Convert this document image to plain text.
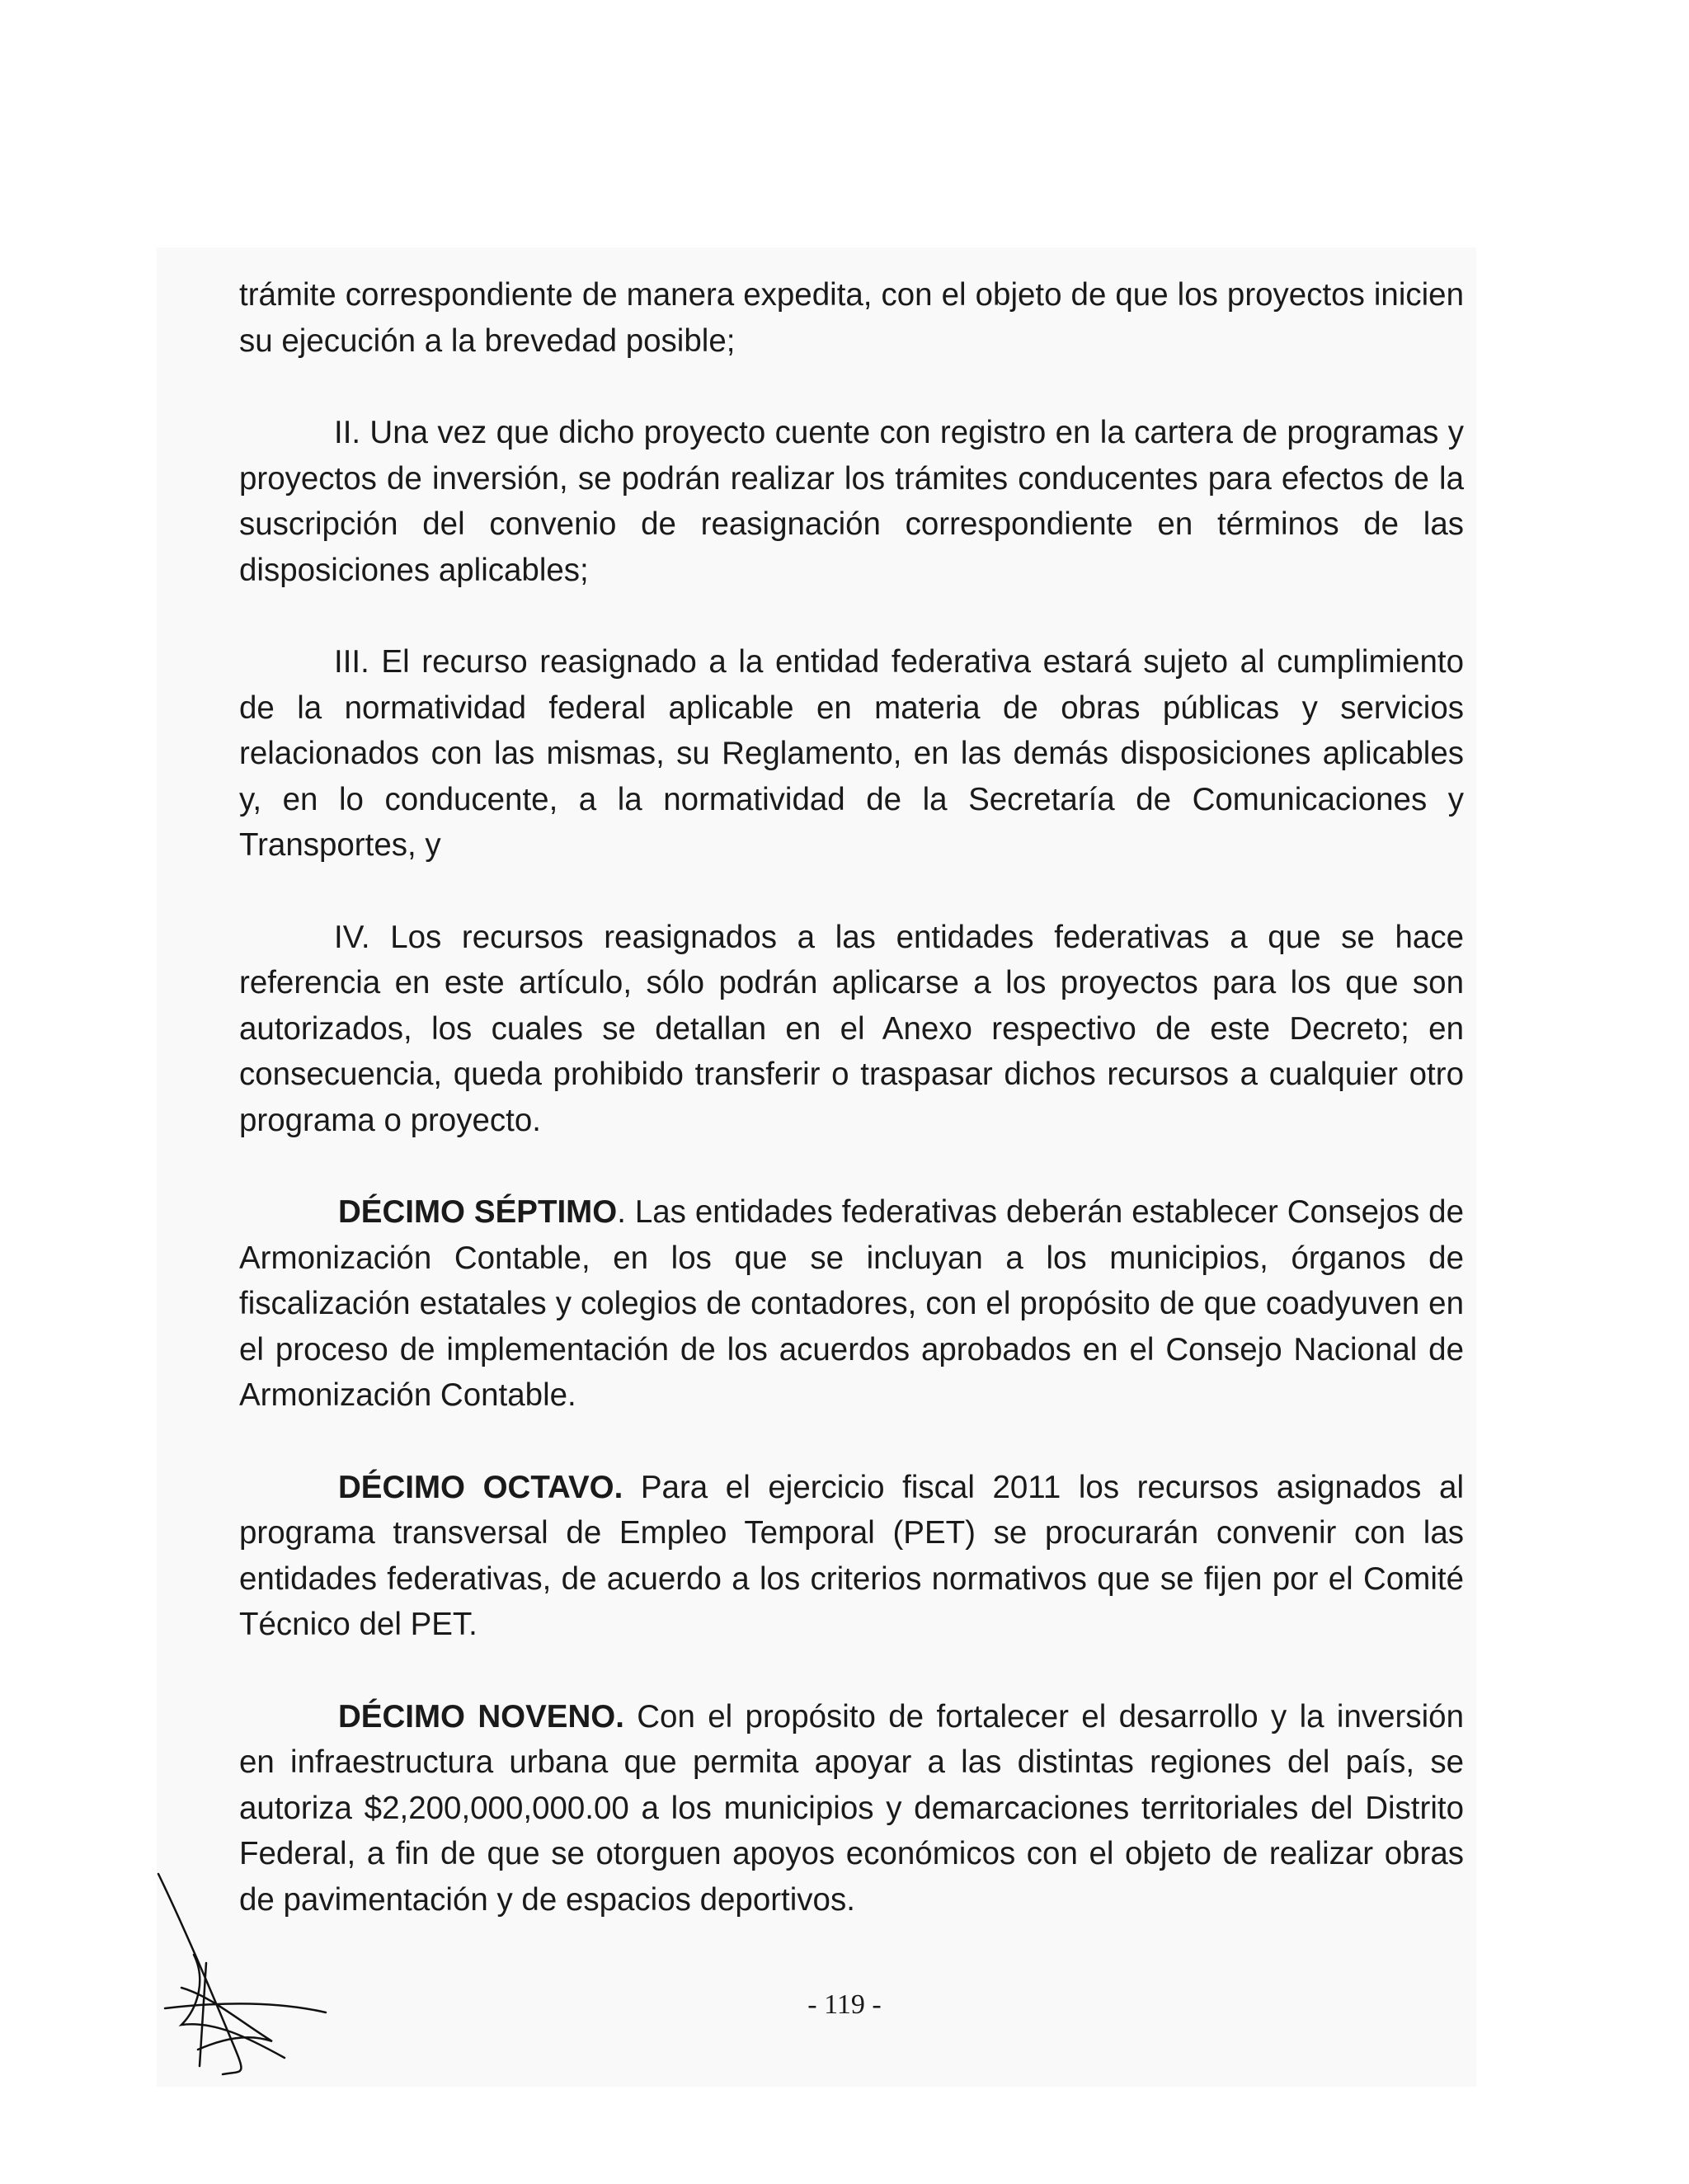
trámite correspondiente de manera expedita, con el objeto de que los proyectos inicien su ejecución a la brevedad posible;

II. Una vez que dicho proyecto cuente con registro en la cartera de programas y proyectos de inversión, se podrán realizar los trámites conducentes para efectos de la suscripción del convenio de reasignación correspondiente en términos de las disposiciones aplicables;

III. El recurso reasignado a la entidad federativa estará sujeto al cumplimiento de la normatividad federal aplicable en materia de obras públicas y servicios relacionados con las mismas, su Reglamento, en las demás disposiciones aplicables y, en lo conducente, a la normatividad de la Secretaría de Comunicaciones y Transportes, y

IV. Los recursos reasignados a las entidades federativas a que se hace referencia en este artículo, sólo podrán aplicarse a los proyectos para los que son autorizados, los cuales se detallan en el Anexo respectivo de este Decreto; en consecuencia, queda prohibido transferir o traspasar dichos recursos a cualquier otro programa o proyecto.

DÉCIMO SÉPTIMO. Las entidades federativas deberán establecer Consejos de Armonización Contable, en los que se incluyan a los municipios, órganos de fiscalización estatales y colegios de contadores, con el propósito de que coadyuven en el proceso de implementación de los acuerdos aprobados en el Consejo Nacional de Armonización Contable.

DÉCIMO OCTAVO. Para el ejercicio fiscal 2011 los recursos asignados al programa transversal de Empleo Temporal (PET) se procurarán convenir con las entidades federativas, de acuerdo a los criterios normativos que se fijen por el Comité Técnico del PET.

DÉCIMO NOVENO. Con el propósito de fortalecer el desarrollo y la inversión en infraestructura urbana que permita apoyar a las distintas regiones del país, se autoriza $2,200,000,000.00 a los municipios y demarcaciones territoriales del Distrito Federal, a fin de que se otorguen apoyos económicos con el objeto de realizar obras de pavimentación y de espacios deportivos.

- 119 -
